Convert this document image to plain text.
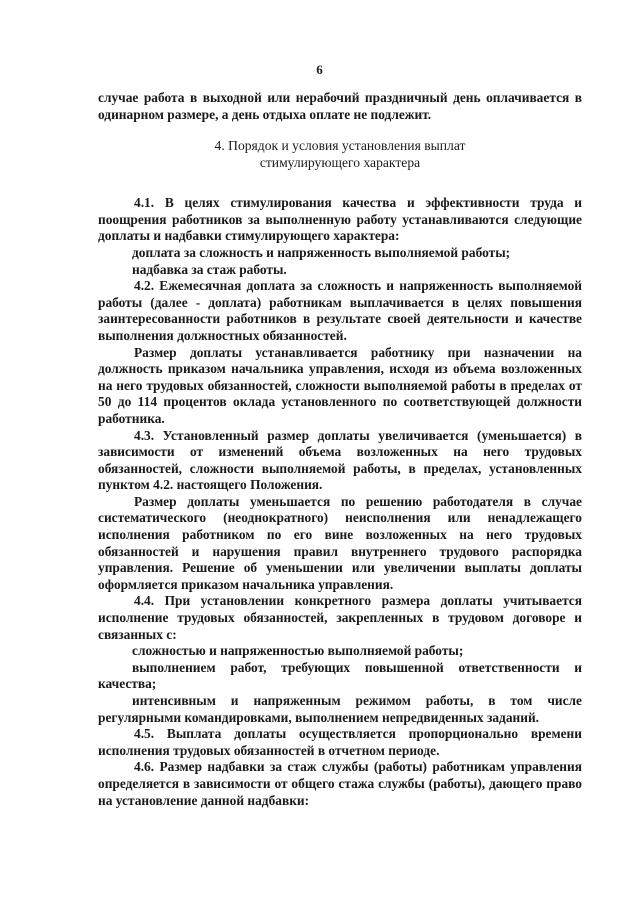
6

случае работа в выходной или нерабочий праздничный день оплачивается в одинарном размере, а день отдыха оплате не подлежит.

4. Порядок и условия установления выплат
стимулирующего характера

4.1. В целях стимулирования качества и эффективности труда и поощрения работников за выполненную работу устанавливаются следующие доплаты и надбавки стимулирующего характера:

доплата за сложность и напряженность выполняемой работы;

надбавка за стаж работы.

4.2. Ежемесячная доплата за сложность и напряженность выполняемой работы (далее - доплата) работникам выплачивается в целях повышения заинтересованности работников в результате своей деятельности и качестве выполнения должностных обязанностей.

Размер доплаты устанавливается работнику при назначении на должность приказом начальника управления, исходя из объема возложенных на него трудовых обязанностей, сложности выполняемой работы в пределах от 50 до 114 процентов оклада установленного по соответствующей должности работника.

4.3. Установленный размер доплаты увеличивается (уменьшается) в зависимости от изменений объема возложенных на него трудовых обязанностей, сложности выполняемой работы, в пределах, установленных пунктом 4.2. настоящего Положения.

Размер доплаты уменьшается по решению работодателя в случае систематического (неоднократного) неисполнения или ненадлежащего исполнения работником по его вине возложенных на него трудовых обязанностей и нарушения правил внутреннего трудового распорядка управления. Решение об уменьшении или увеличении выплаты доплаты оформляется приказом начальника управления.

4.4. При установлении конкретного размера доплаты учитывается исполнение трудовых обязанностей, закрепленных в трудовом договоре и связанных с:

сложностью и напряженностью выполняемой работы;

выполнением работ, требующих повышенной ответственности и качества;

интенсивным и напряженным режимом работы, в том числе регулярными командировками, выполнением непредвиденных заданий.

4.5. Выплата доплаты осуществляется пропорционально времени исполнения трудовых обязанностей в отчетном периоде.

4.6. Размер надбавки за стаж службы (работы) работникам управления определяется в зависимости от общего стажа службы (работы), дающего право на установление данной надбавки:
